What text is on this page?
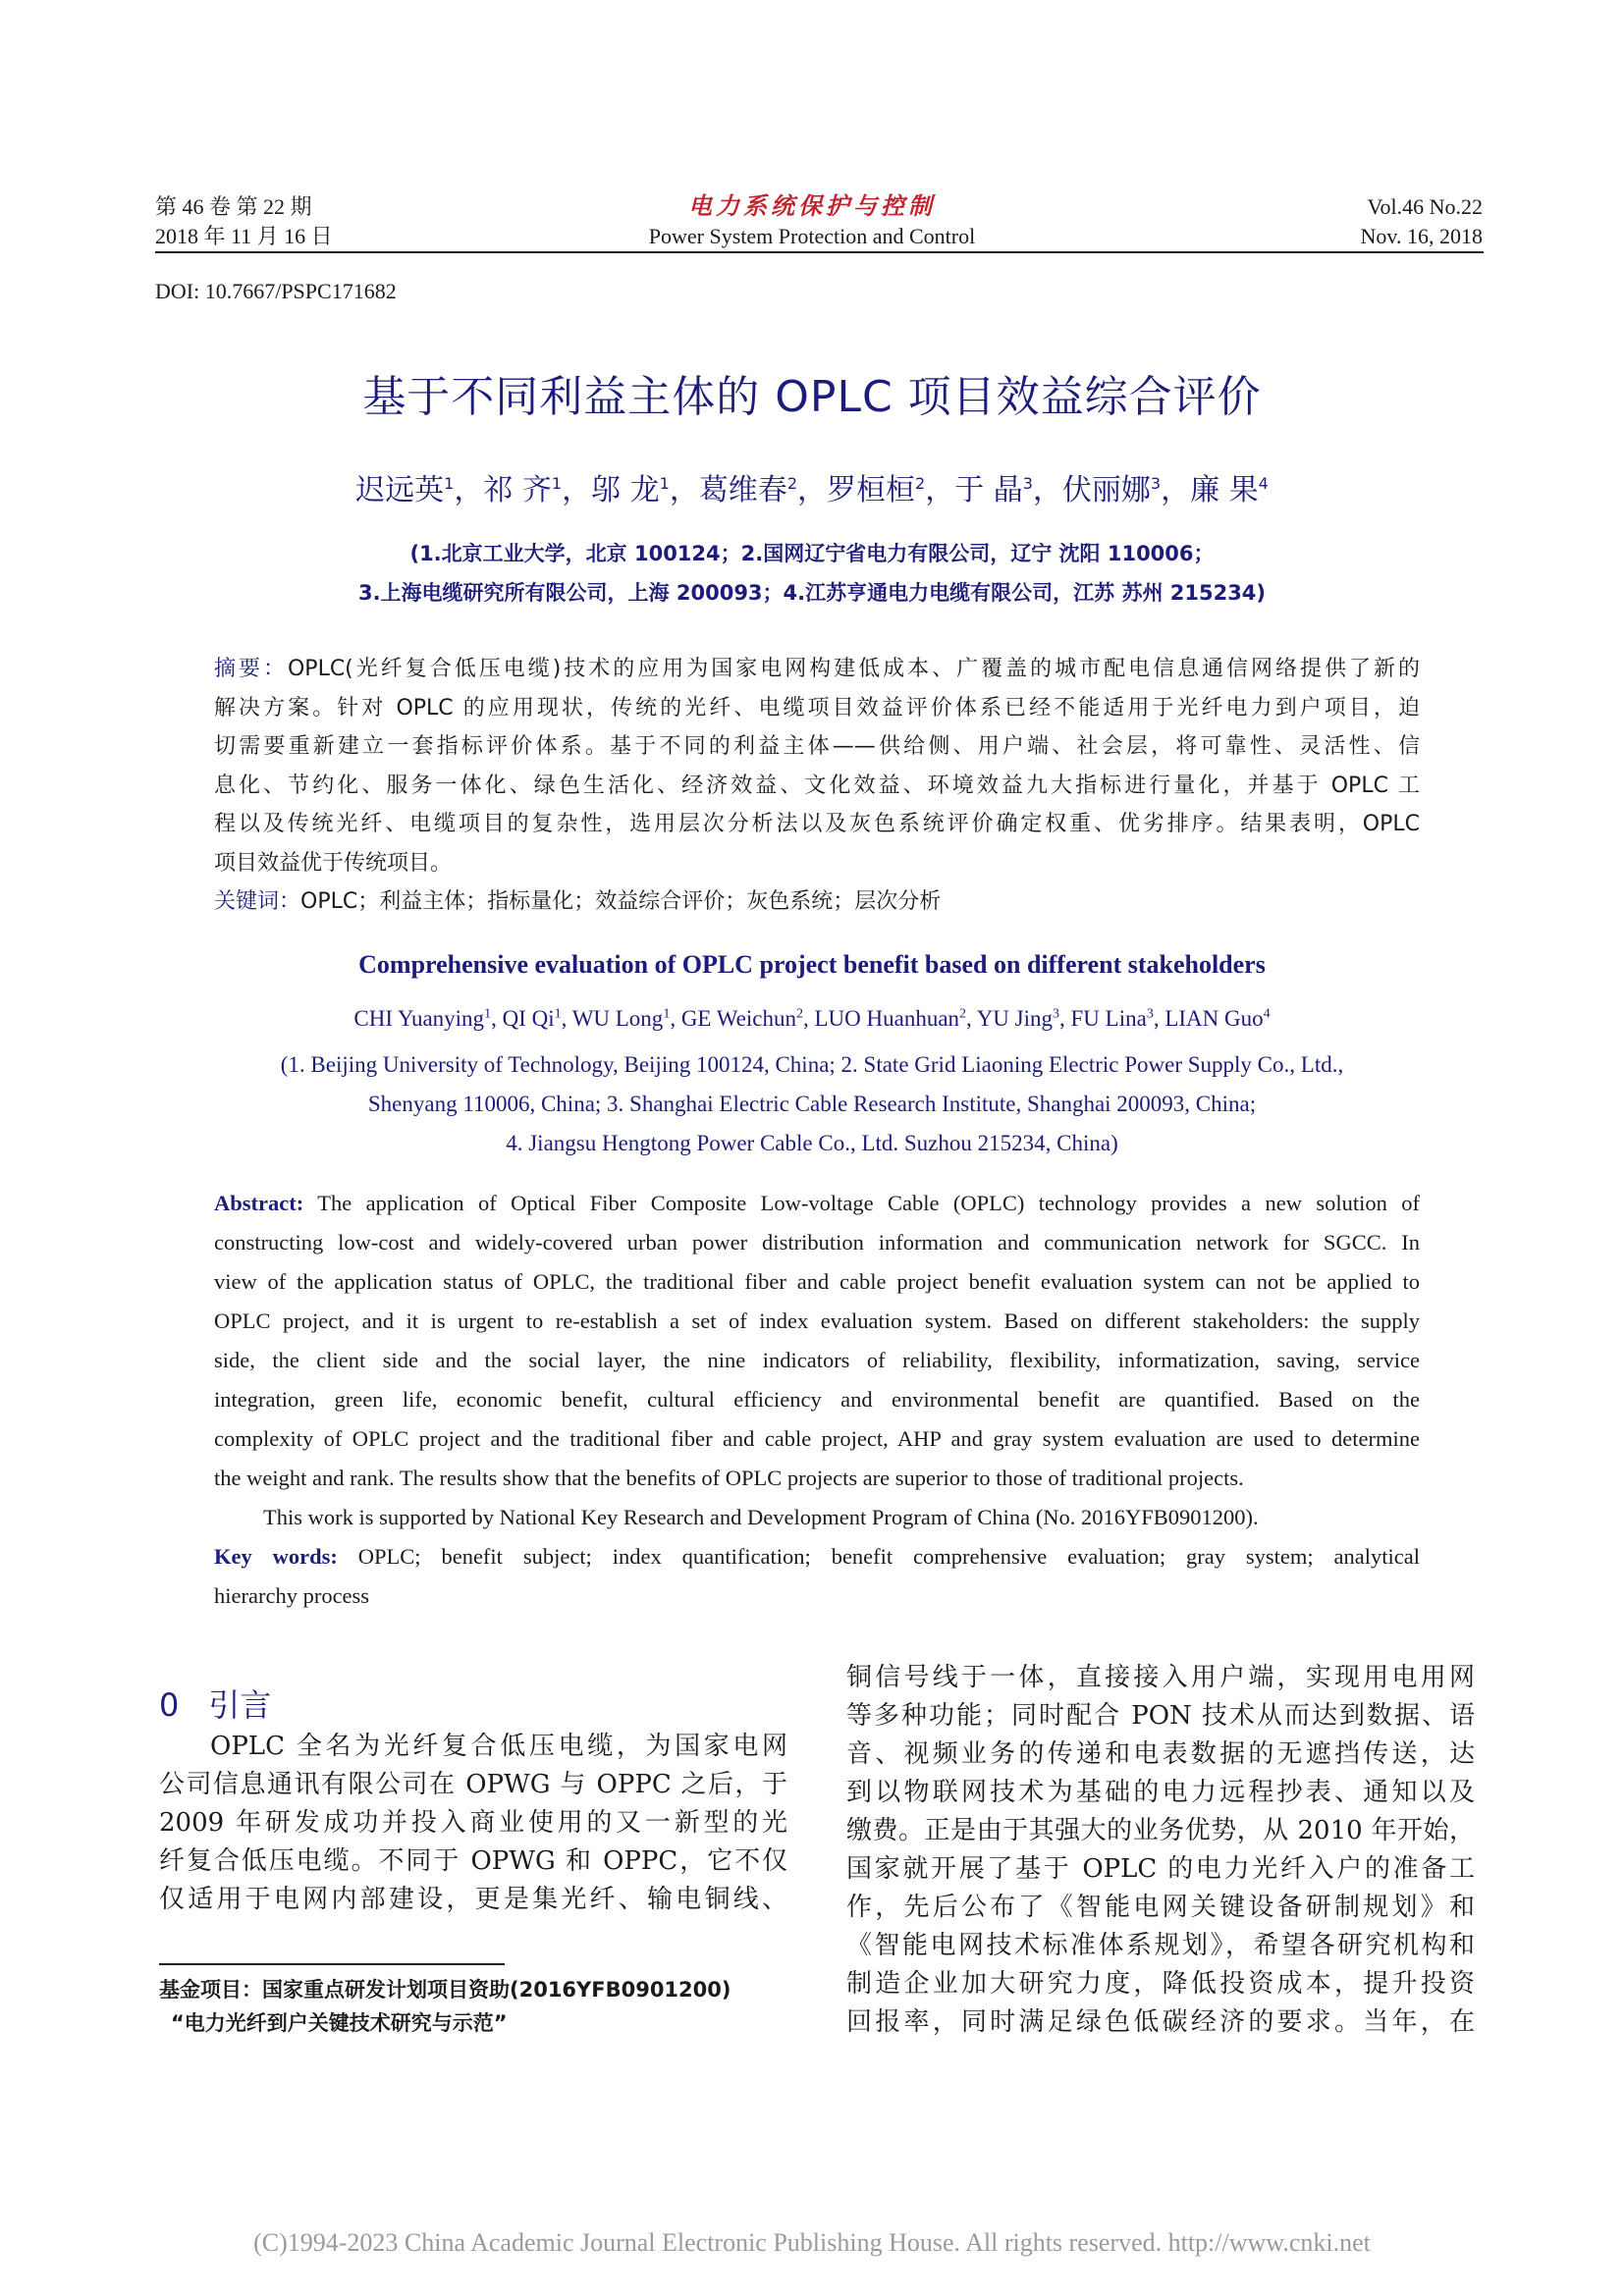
第 46 卷 第 22 期
2018 年 11 月 16 日
电力系统保护与控制
Power System Protection and Control
Vol.46 No.22
Nov. 16, 2018
DOI: 10.7667/PSPC171682
基于不同利益主体的 OPLC 项目效益综合评价
迟远英$^1$，祁 齐$^1$，邬 龙$^1$，葛维春$^2$，罗桓桓$^2$，于 晶$^3$，伏丽娜$^3$，廉 果$^4$
(1.北京工业大学，北京 100124；2.国网辽宁省电力有限公司，辽宁 沈阳 110006；
3.上海电缆研究所有限公司，上海 200093；4.江苏亨通电力电缆有限公司，江苏 苏州 215234)
摘要：OPLC(光纤复合低压电缆)技术的应用为国家电网构建低成本、广覆盖的城市配电信息通信网络提供了新的
解决方案。针对 OPLC 的应用现状，传统的光纤、电缆项目效益评价体系已经不能适用于光纤电力到户项目，迫
切需要重新建立一套指标评价体系。基于不同的利益主体——供给侧、用户端、社会层，将可靠性、灵活性、信
息化、节约化、服务一体化、绿色生活化、经济效益、文化效益、环境效益九大指标进行量化，并基于 OPLC 工
程以及传统光纤、电缆项目的复杂性，选用层次分析法以及灰色系统评价确定权重、优劣排序。结果表明，OPLC
项目效益优于传统项目。
关键词：OPLC；利益主体；指标量化；效益综合评价；灰色系统；层次分析
Comprehensive evaluation of OPLC project benefit based on different stakeholders
CHI Yuanying$^1$, QI Qi$^1$, WU Long$^1$, GE Weichun$^2$, LUO Huanhuan$^2$, YU Jing$^3$, FU Lina$^3$, LIAN Guo$^4$
(1. Beijing University of Technology, Beijing 100124, China; 2. State Grid Liaoning Electric Power Supply Co., Ltd.,
Shenyang 110006, China; 3. Shanghai Electric Cable Research Institute, Shanghai 200093, China;
4. Jiangsu Hengtong Power Cable Co., Ltd. Suzhou 215234, China)
Abstract: The application of Optical Fiber Composite Low-voltage Cable (OPLC) technology provides a new solution of
constructing low-cost and widely-covered urban power distribution information and communication network for SGCC. In
view of the application status of OPLC, the traditional fiber and cable project benefit evaluation system can not be applied to
OPLC project, and it is urgent to re-establish a set of index evaluation system. Based on different stakeholders: the supply
side, the client side and the social layer, the nine indicators of reliability, flexibility, informatization, saving, service
integration, green life, economic benefit, cultural efficiency and environmental benefit are quantified. Based on the
complexity of OPLC project and the traditional fiber and cable project, AHP and gray system evaluation are used to determine
the weight and rank. The results show that the benefits of OPLC projects are superior to those of traditional projects.
This work is supported by National Key Research and Development Program of China (No. 2016YFB0901200).
Key words: OPLC; benefit subject; index quantification; benefit comprehensive evaluation; gray system; analytical
hierarchy process
0 引言
OPLC 全名为光纤复合低压电缆，为国家电网
公司信息通讯有限公司在 OPWG 与 OPPC 之后，于
2009 年研发成功并投入商业使用的又一新型的光
纤复合低压电缆。不同于 OPWG 和 OPPC，它不仅
仅适用于电网内部建设，更是集光纤、输电铜线、
基金项目：国家重点研发计划项目资助(2016YFB0901200)
“电力光纤到户关键技术研究与示范”
铜信号线于一体，直接接入用户端，实现用电用网
等多种功能；同时配合 PON 技术从而达到数据、语
音、视频业务的传递和电表数据的无遮挡传送，达
到以物联网技术为基础的电力远程抄表、通知以及
缴费。正是由于其强大的业务优势，从 2010 年开始，
国家就开展了基于 OPLC 的电力光纤入户的准备工
作，先后公布了《智能电网关键设备研制规划》和
《智能电网技术标准体系规划》，希望各研究机构和
制造企业加大研究力度，降低投资成本，提升投资
回报率，同时满足绿色低碳经济的要求。当年，在
(C)1994-2023 China Academic Journal Electronic Publishing House. All rights reserved. http://www.cnki.net
